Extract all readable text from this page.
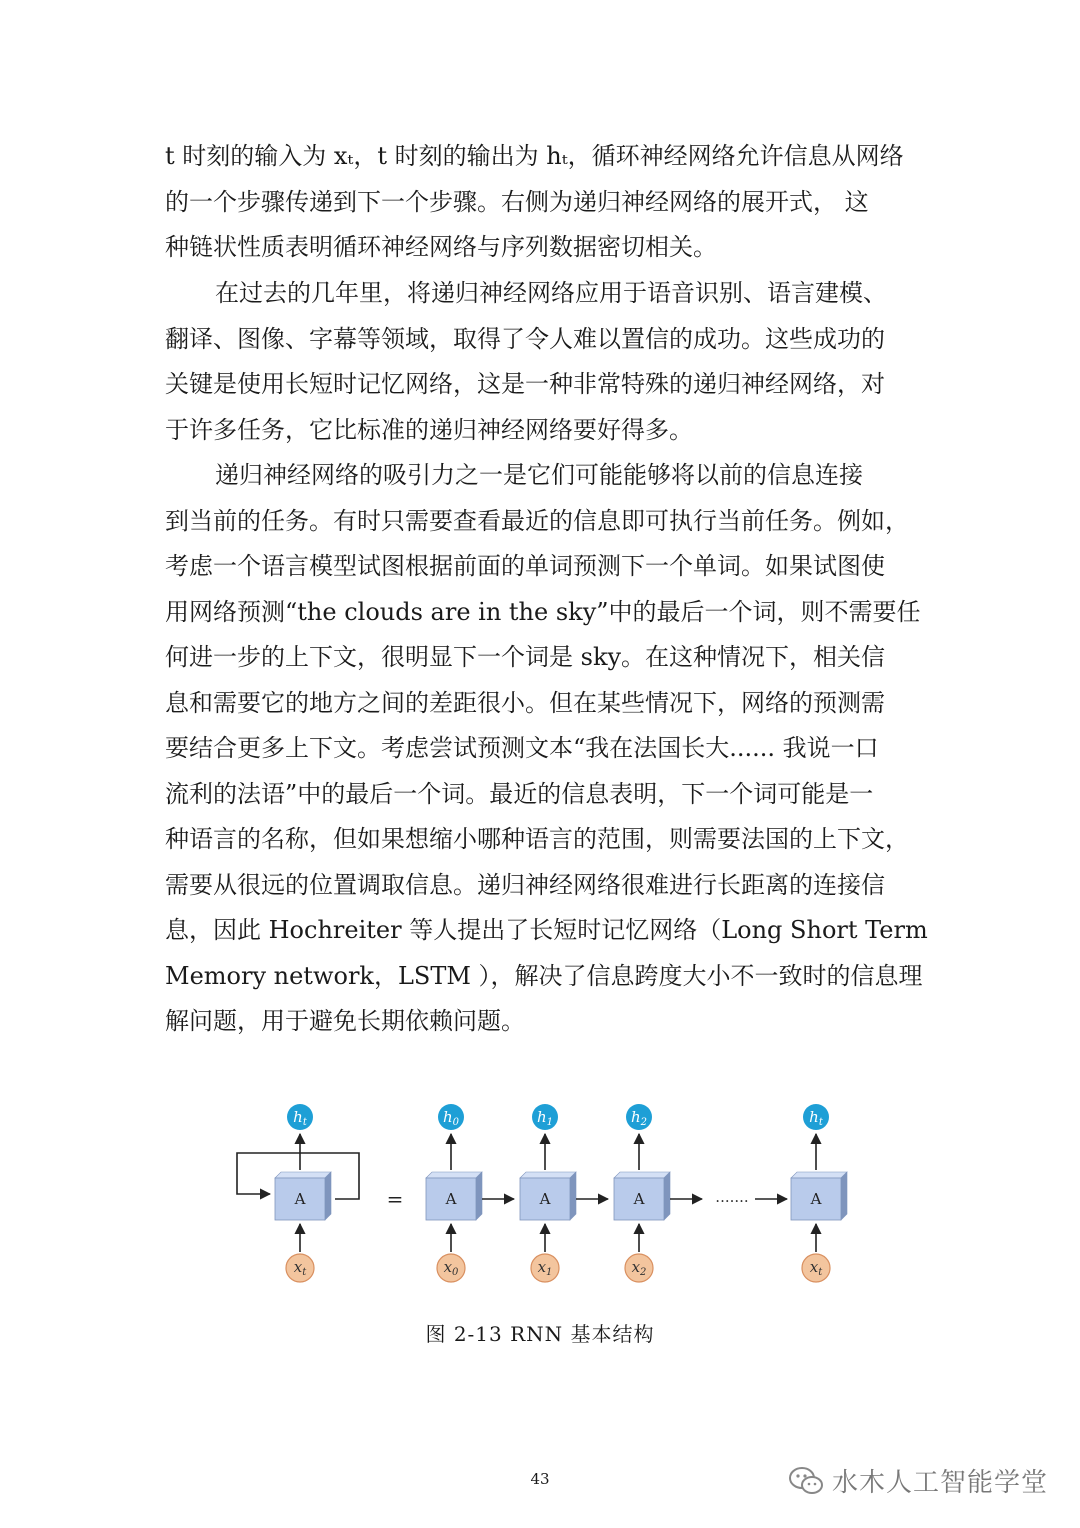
t 时刻的输入为 xₜ，t 时刻的输出为 hₜ，循环神经网络允许信息从网络
的一个步骤传递到下一个步骤。右侧为递归神经网络的展开式， 这
种链状性质表明循环神经网络与序列数据密切相关。
在过去的几年里，将递归神经网络应用于语音识别、语言建模、
翻译、图像、字幕等领域，取得了令人难以置信的成功。这些成功的
关键是使用长短时记忆网络，这是一种非常特殊的递归神经网络，对
于许多任务，它比标准的递归神经网络要好得多。
递归神经网络的吸引力之一是它们可能能够将以前的信息连接
到当前的任务。有时只需要查看最近的信息即可执行当前任务。例如，
考虑一个语言模型试图根据前面的单词预测下一个单词。如果试图使
用网络预测“the clouds are in the sky”中的最后一个词，则不需要任
何进一步的上下文，很明显下一个词是 sky。在这种情况下，相关信
息和需要它的地方之间的差距很小。但在某些情况下，网络的预测需
要结合更多上下文。考虑尝试预测文本“我在法国长大...... 我说一口
流利的法语”中的最后一个词。最近的信息表明，下一个词可能是一
种语言的名称，但如果想缩小哪种语言的范围，则需要法国的上下文，
需要从很远的位置调取信息。递归神经网络很难进行长距离的连接信
息，因此 Hochreiter 等人提出了长短时记忆网络（Long Short Term
Memory network，LSTM ），解决了信息跨度大小不一致时的信息理
解问题，用于避免长期依赖问题。
A
$h_t$
$x_t$
=	A
$h_0$
$x_0$
A
$h_1$
$x_1$
A
$h_2$
$x_2$
A
$h_t$
$x_t$
.......
图 2-13 RNN 基本结构
43	水木人工智能学堂
